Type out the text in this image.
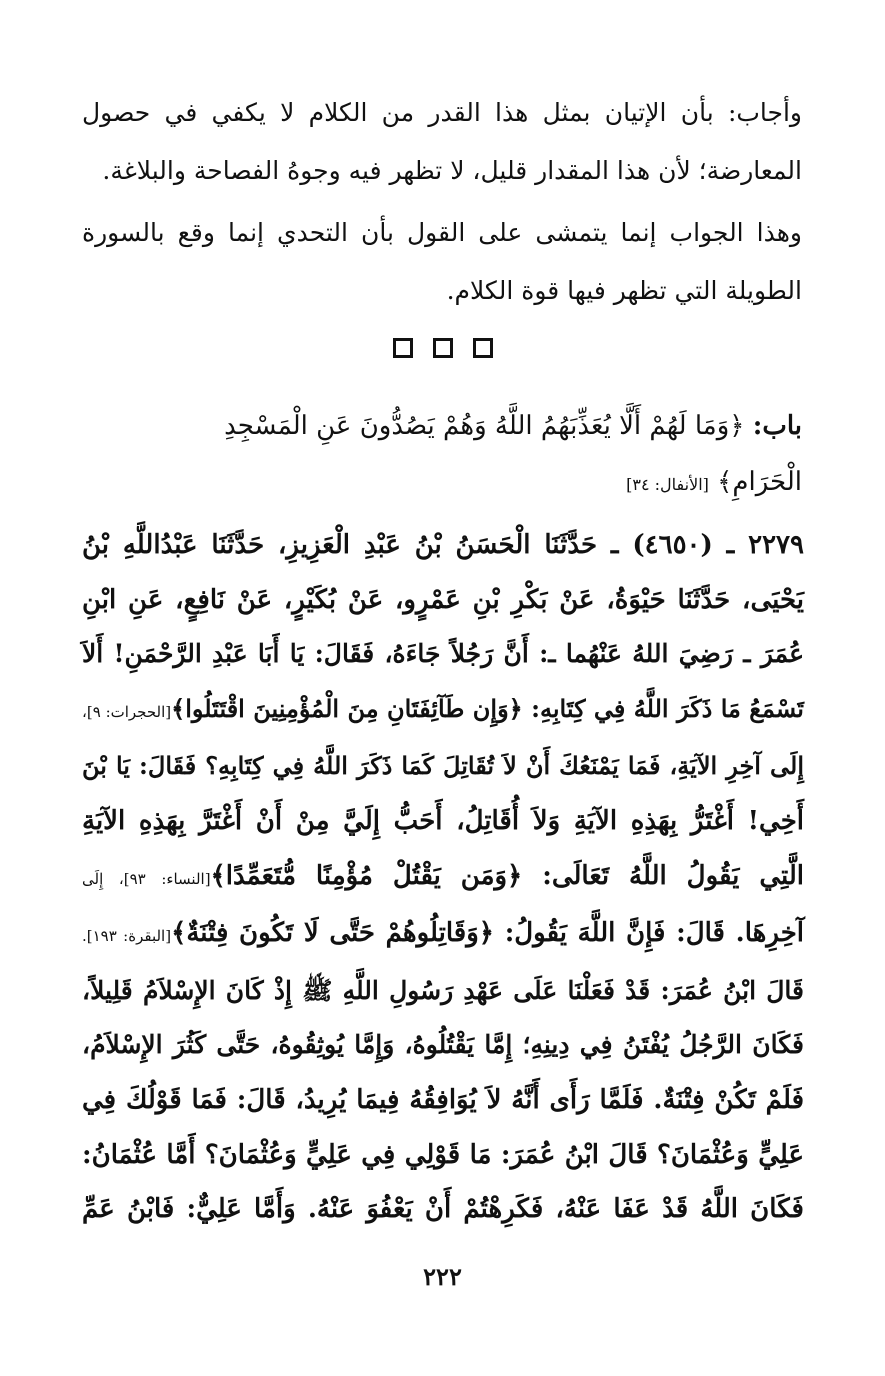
وأجاب: بأن الإتيان بمثل هذا القدر من الكلام لا يكفي في حصول المعارضة؛ لأن هذا المقدار قليل، لا تظهر فيه وجوهُ الفصاحة والبلاغة.

وهذا الجواب إنما يتمشى على القول بأن التحدي إنما وقع بالسورة الطويلة التي تظهر فيها قوة الكلام.

باب: ﴿وَمَا لَهُمْ أَلَّا يُعَذِّبَهُمُ اللَّهُ وَهُمْ يَصُدُّونَ عَنِ الْمَسْجِدِ الْحَرَامِ﴾ [الأنفال: ٣٤]
٢٢٧٩ ـ (٤٦٥٠) ـ حَدَّثَنَا الْحَسَنُ بْنُ عَبْدِ الْعَزِيزِ، حَدَّثَنَا عَبْدُاللَّهِ بْنُ
يَحْيَى، حَدَّثَنَا حَيْوَةُ، عَنْ بَكْرِ بْنِ عَمْرٍو، عَنْ بُكَيْرٍ، عَنْ نَافِعٍ، عَنِ ابْنِ
عُمَرَ ـ رَضِيَ اللهُ عَنْهُما ـ: أَنَّ رَجُلاً جَاءَهُ، فَقَالَ: يَا أَبَا عَبْدِ الرَّحْمَنِ! أَلاَ
تَسْمَعُ مَا ذَكَرَ اللَّهُ فِي كِتَابِهِ: ﴿وَإِن طَآئِفَتَانِ مِنَ الْمُؤْمِنِينَ اقْتَتَلُوا﴾[الحجرات: ٩]،
إِلَى آخِرِ الآيَةِ، فَمَا يَمْنَعُكَ أَنْ لاَ تُقَاتِلَ كَمَا ذَكَرَ اللَّهُ فِي كِتَابِهِ؟ فَقَالَ: يَا بْنَ
أَخِي! أَغْتَرُّ بِهَذِهِ الآيَةِ وَلاَ أُقَاتِلُ، أَحَبُّ إِلَيَّ مِنْ أَنْ أَغْتَرَّ بِهَذِهِ الآيَةِ
الَّتِي يَقُولُ اللَّهُ تَعَالَى: ﴿وَمَن يَقْتُلْ مُؤْمِنًا مُّتَعَمِّدًا﴾[النساء: ٩٣]، إِلَى
آخِرِهَا. قَالَ: فَإِنَّ اللَّهَ يَقُولُ: ﴿وَقَاتِلُوهُمْ حَتَّى لَا تَكُونَ فِتْنَةٌ﴾[البقرة: ١٩٣].
قَالَ ابْنُ عُمَرَ: قَدْ فَعَلْنَا عَلَى عَهْدِ رَسُولِ اللَّهِ ﷺ إِذْ كَانَ الإِسْلاَمُ قَلِيلاً،
فَكَانَ الرَّجُلُ يُفْتَنُ فِي دِينِهِ؛ إِمَّا يَقْتُلُوهُ، وَإِمَّا يُوثِقُوهُ، حَتَّى كَثُرَ الإِسْلاَمُ،
فَلَمْ تَكُنْ فِتْنَةٌ. فَلَمَّا رَأَى أَنَّهُ لاَ يُوَافِقُهُ فِيمَا يُرِيدُ، قَالَ: فَمَا قَوْلُكَ فِي
عَلِيٍّ وَعُثْمَانَ؟ قَالَ ابْنُ عُمَرَ: مَا قَوْلِي فِي عَلِيٍّ وَعُثْمَانَ؟ أَمَّا عُثْمَانُ:
فَكَانَ اللَّهُ قَدْ عَفَا عَنْهُ، فَكَرِهْتُمْ أَنْ يَعْفُوَ عَنْهُ. وَأَمَّا عَلِيٌّ: فَابْنُ عَمِّ
٢٢٢
